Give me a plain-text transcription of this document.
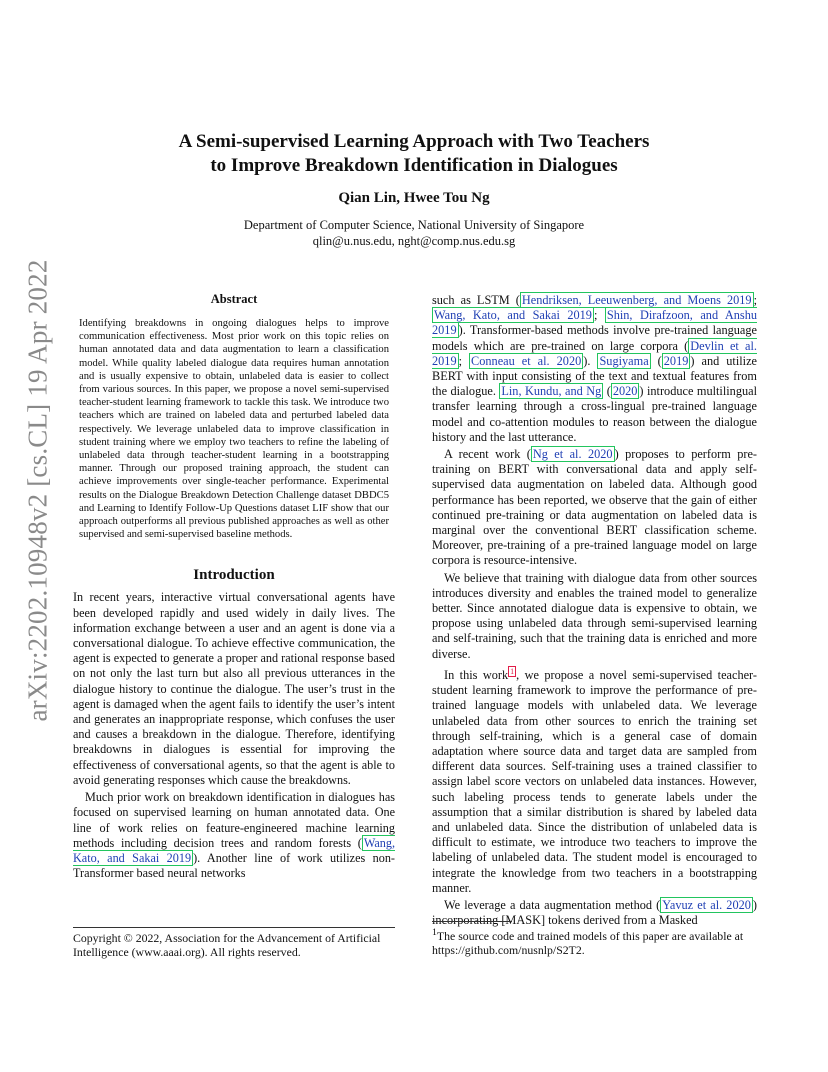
arXiv:2202.10948v2 [cs.CL] 19 Apr 2022
A Semi-supervised Learning Approach with Two Teachers
to Improve Breakdown Identification in Dialogues

Qian Lin, Hwee Tou Ng

Department of Computer Science, National University of Singapore
qlin@u.nus.edu, nght@comp.nus.edu.sg

Abstract

Identifying breakdowns in ongoing dialogues helps to improve communication effectiveness. Most prior work on this topic relies on human annotated data and data augmentation to learn a classification model. While quality labeled dialogue data requires human annotation and is usually expensive to obtain, unlabeled data is easier to collect from various sources. In this paper, we propose a novel semi-supervised teacher-student learning framework to tackle this task. We introduce two teachers which are trained on labeled data and perturbed labeled data respectively. We leverage unlabeled data to improve classification in student training where we employ two teachers to refine the labeling of unlabeled data through teacher-student learning in a bootstrapping manner. Through our proposed training approach, the student can achieve improvements over single-teacher performance. Experimental results on the Dialogue Breakdown Detection Challenge dataset DBDC5 and Learning to Identify Follow-Up Questions dataset LIF show that our approach outperforms all previous published approaches as well as other supervised and semi-supervised baseline methods.

Introduction

In recent years, interactive virtual conversational agents have been developed rapidly and used widely in daily lives. The information exchange between a user and an agent is done via a conversational dialogue. To achieve effective communication, the agent is expected to generate a proper and rational response based on not only the last turn but also all previous utterances in the dialogue history to continue the dialogue. The user’s trust in the agent is damaged when the agent fails to identify the user’s intent and generates an inappropriate response, which confuses the user and causes a breakdown in the dialogue. Therefore, identifying breakdowns in dialogues is essential for improving the effectiveness of conversational agents, so that the agent is able to avoid generating responses which cause the breakdowns.

Much prior work on breakdown identification in dialogues has focused on supervised learning on human annotated data. One line of work relies on feature-engineered machine learning methods including decision trees and random forests ( Wang, Kato, and Sakai 2019 ). Another line of work utilizes non-Transformer based neural networks

such as LSTM ( Hendriksen, Leeuwenberg, and Moens 2019 ; Wang, Kato, and Sakai 2019 ; Shin, Dirafzoon, and Anshu 2019 ). Transformer-based methods involve pre-trained language models which are pre-trained on large corpora ( Devlin et al. 2019 ; Conneau et al. 2020 ). Sugiyama ( 2019 ) and utilize BERT with input consisting of the text and textual features from the dialogue. Lin, Kundu, and Ng ( 2020 ) introduce multilingual transfer learning through a cross-lingual pre-trained language model and co-attention modules to reason between the dialogue history and the last utterance.

A recent work ( Ng et al. 2020 ) proposes to perform pre-training on BERT with conversational data and apply self-supervised data augmentation on labeled data. Although good performance has been reported, we observe that the gain of either continued pre-training or data augmentation on labeled data is marginal over the conventional BERT classification scheme. Moreover, pre-training of a pre-trained language model on large corpora is resource-intensive.

We believe that training with dialogue data from other sources introduces diversity and enables the trained model to generalize better. Since annotated dialogue data is expensive to obtain, we propose using unlabeled data through semi-supervised learning and self-training, such that the training data is enriched and more diverse.

In this work $^1$ , we propose a novel semi-supervised teacher-student learning framework to improve the performance of pre-trained language models with unlabeled data. We leverage unlabeled data from other sources to enrich the training set through self-training, which is a general case of domain adaptation where source data and target data are sampled from different data sources. Self-training uses a trained classifier to assign label score vectors on unlabeled data instances. However, such labeling process tends to generate labels under the assumption that a similar distribution is shared by labeled data and unlabeled data. Since the distribution of unlabeled data is difficult to estimate, we introduce two teachers to improve the labeling of unlabeled data. The student model is encouraged to integrate the knowledge from two teachers in a bootstrapping manner.

We leverage a data augmentation method ( Yavuz et al. 2020 ) incorporating [MASK] tokens derived from a Masked

Copyright © 2022, Association for the Advancement of Artificial Intelligence (www.aaai.org). All rights reserved.

$^1$The source code and trained models of this paper are available at https://github.com/nusnlp/S2T2.
